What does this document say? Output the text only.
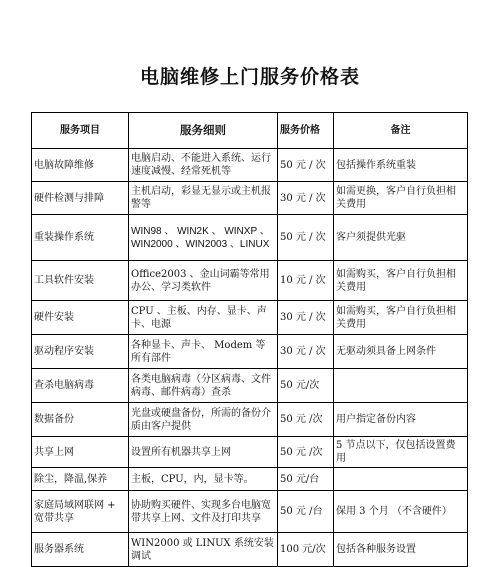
电脑维修上门服务价格表
服务项目	服务细则	服务价格	备注
电脑故障维修	电脑启动、不能进入系统、运行速度减慢、经常死机等	50 元 / 次	包括操作系统重装
硬件检测与排障	主机启动，彩显无显示或主机报警等	30 元 / 次	如需更换，客户自行负担相关费用
重装操作系统	WIN98 、 WIN2K 、 WINXP 、WIN2000 、WIN2003 、LINUX	50 元 / 次	客户须提供光驱
工具软件安装	Office2003 、金山词霸等常用办公、学习类软件	10 元 / 次	如需购买，客户自行负担相关费用
硬件安装	CPU 、主板、内存、显卡、声卡、电源	30 元 / 次	如需购买，客户自行负担相关费用
驱动程序安装	各种显卡、声卡、 Modem 等所有部件	30 元 / 次	无驱动须具备上网条件
查杀电脑病毒	各类电脑病毒（分区病毒、文件病毒、邮件病毒）查杀	50 元/次	
数据备份	光盘或硬盘备份，所需的备份介质由客户提供	50 元 /次	用户指定备份内容
共享上网	设置所有机器共享上网	50 元 /次	5 节点以下，仅包括设置费用
除尘，降温,保养	主板，CPU，内，显卡等。	50 元/台	
家庭局域网联网 + 宽带共享	协助购买硬件、实现多台电脑宽带共享上网、文件及打印共享	50 元 /台	保用 3 个月 （不含硬件）
服务器系统	WIN2000 或 LINUX 系统安装调试	100 元/次	包括各种服务设置
